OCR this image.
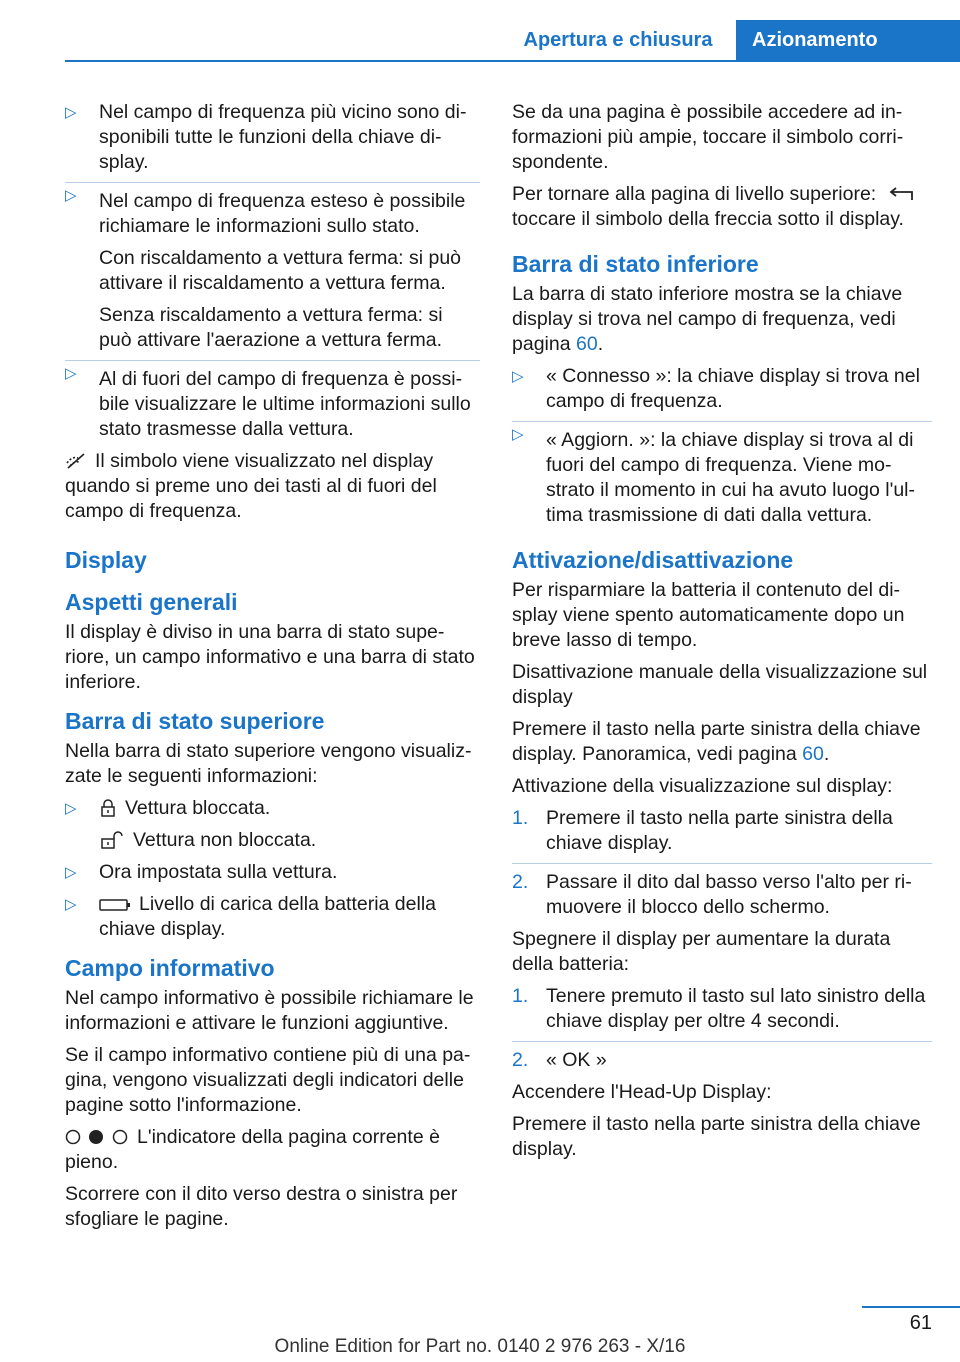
Apertura e chiusura	Azionamento

▷ Nel campo di frequenza più vicino sono disponibili tutte le funzioni della chiave display.

▷ Nel campo di frequenza esteso è possibile richiamare le informazioni sullo stato.

Con riscaldamento a vettura ferma: si può attivare il riscaldamento a vettura ferma.

Senza riscaldamento a vettura ferma: si può attivare l'aerazione a vettura ferma.

▷ Al di fuori del campo di frequenza è possibile visualizzare le ultime informazioni sullo stato trasmesse dalla vettura.

Il simbolo viene visualizzato nel display quando si preme uno dei tasti al di fuori del campo di frequenza.

Display
Aspetti generali

Il display è diviso in una barra di stato superiore, un campo informativo e una barra di stato inferiore.

Barra di stato superiore

Nella barra di stato superiore vengono visualizzate le seguenti informazioni:

▷ Vettura bloccata.

Vettura non bloccata.

▷ Ora impostata sulla vettura.

▷ Livello di carica della batteria della chiave display.

Campo informativo

Nel campo informativo è possibile richiamare le informazioni e attivare le funzioni aggiuntive.

Se il campo informativo contiene più di una pagina, vengono visualizzati degli indicatori delle pagine sotto l'informazione.

L'indicatore della pagina corrente è pieno.

Scorrere con il dito verso destra o sinistra per sfogliare le pagine.

Se da una pagina è possibile accedere ad informazioni più ampie, toccare il simbolo corrispondente.

Per tornare alla pagina di livello superiore:  toccare il simbolo della freccia sotto il display.

Barra di stato inferiore

La barra di stato inferiore mostra se la chiave display si trova nel campo di frequenza, vedi pagina 60.

▷ « Connesso »: la chiave display si trova nel campo di frequenza.

▷ « Aggiorn. »: la chiave display si trova al di fuori del campo di frequenza. Viene mostrato il momento in cui ha avuto luogo l'ultima trasmissione di dati dalla vettura.

Attivazione/disattivazione

Per risparmiare la batteria il contenuto del display viene spento automaticamente dopo un breve lasso di tempo.

Disattivazione manuale della visualizzazione sul display

Premere il tasto nella parte sinistra della chiave display. Panoramica, vedi pagina 60.

Attivazione della visualizzazione sul display:

1. Premere il tasto nella parte sinistra della chiave display.
2. Passare il dito dal basso verso l'alto per rimuovere il blocco dello schermo.

Spegnere il display per aumentare la durata della batteria:

1. Tenere premuto il tasto sul lato sinistro della chiave display per oltre 4 secondi.
2. « OK »

Accendere l'Head-Up Display:

Premere il tasto nella parte sinistra della chiave display.

61
Online Edition for Part no. 0140 2 976 263 - X/16
